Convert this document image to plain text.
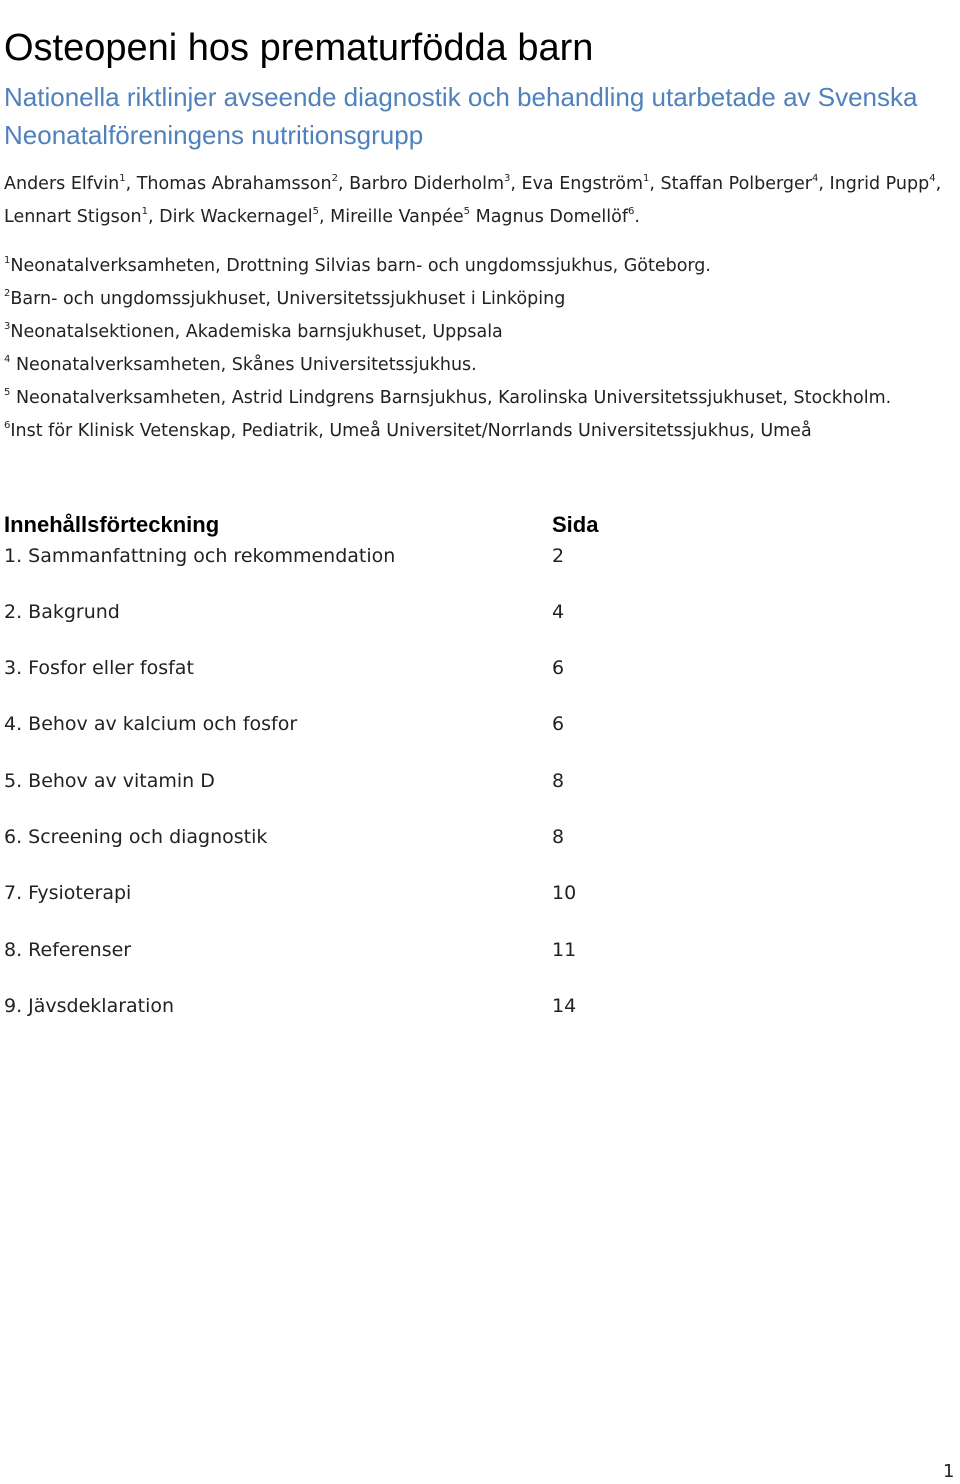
Osteopeni hos prematurfödda barn
Nationella riktlinjer avseende diagnostik och behandling utarbetade av Svenska Neonatalföreningens nutritionsgrupp
Anders Elfvin$^1$, Thomas Abrahamsson$^2$, Barbro Diderholm$^3$, Eva Engström$^1$, Staffan Polberger$^4$, Ingrid Pupp$^4$, Lennart Stigson$^1$, Dirk Wackernagel$^5$, Mireille Vanpée$^5$ Magnus Domellöf$^6$.
$^1$Neonatalverksamheten, Drottning Silvias barn- och ungdomssjukhus, Göteborg.
$^2$Barn- och ungdomssjukhuset, Universitetssjukhuset i Linköping
$^3$Neonatalsektionen, Akademiska barnsjukhuset, Uppsala
$^4$ Neonatalverksamheten, Skånes Universitetssjukhus.
$^5$ Neonatalverksamheten, Astrid Lindgrens Barnsjukhus, Karolinska Universitetssjukhuset, Stockholm.
$^6$Inst för Klinisk Vetenskap, Pediatrik, Umeå Universitet/Norrlands Universitetssjukhus, Umeå
Innehållsförteckning	Sida
1. Sammanfattning och rekommendation	2
2. Bakgrund	4
3. Fosfor eller fosfat	6
4. Behov av kalcium och fosfor	6
5. Behov av vitamin D	8
6. Screening och diagnostik	8
7. Fysioterapi	10
8. Referenser	11
9. Jävsdeklaration	14
1
